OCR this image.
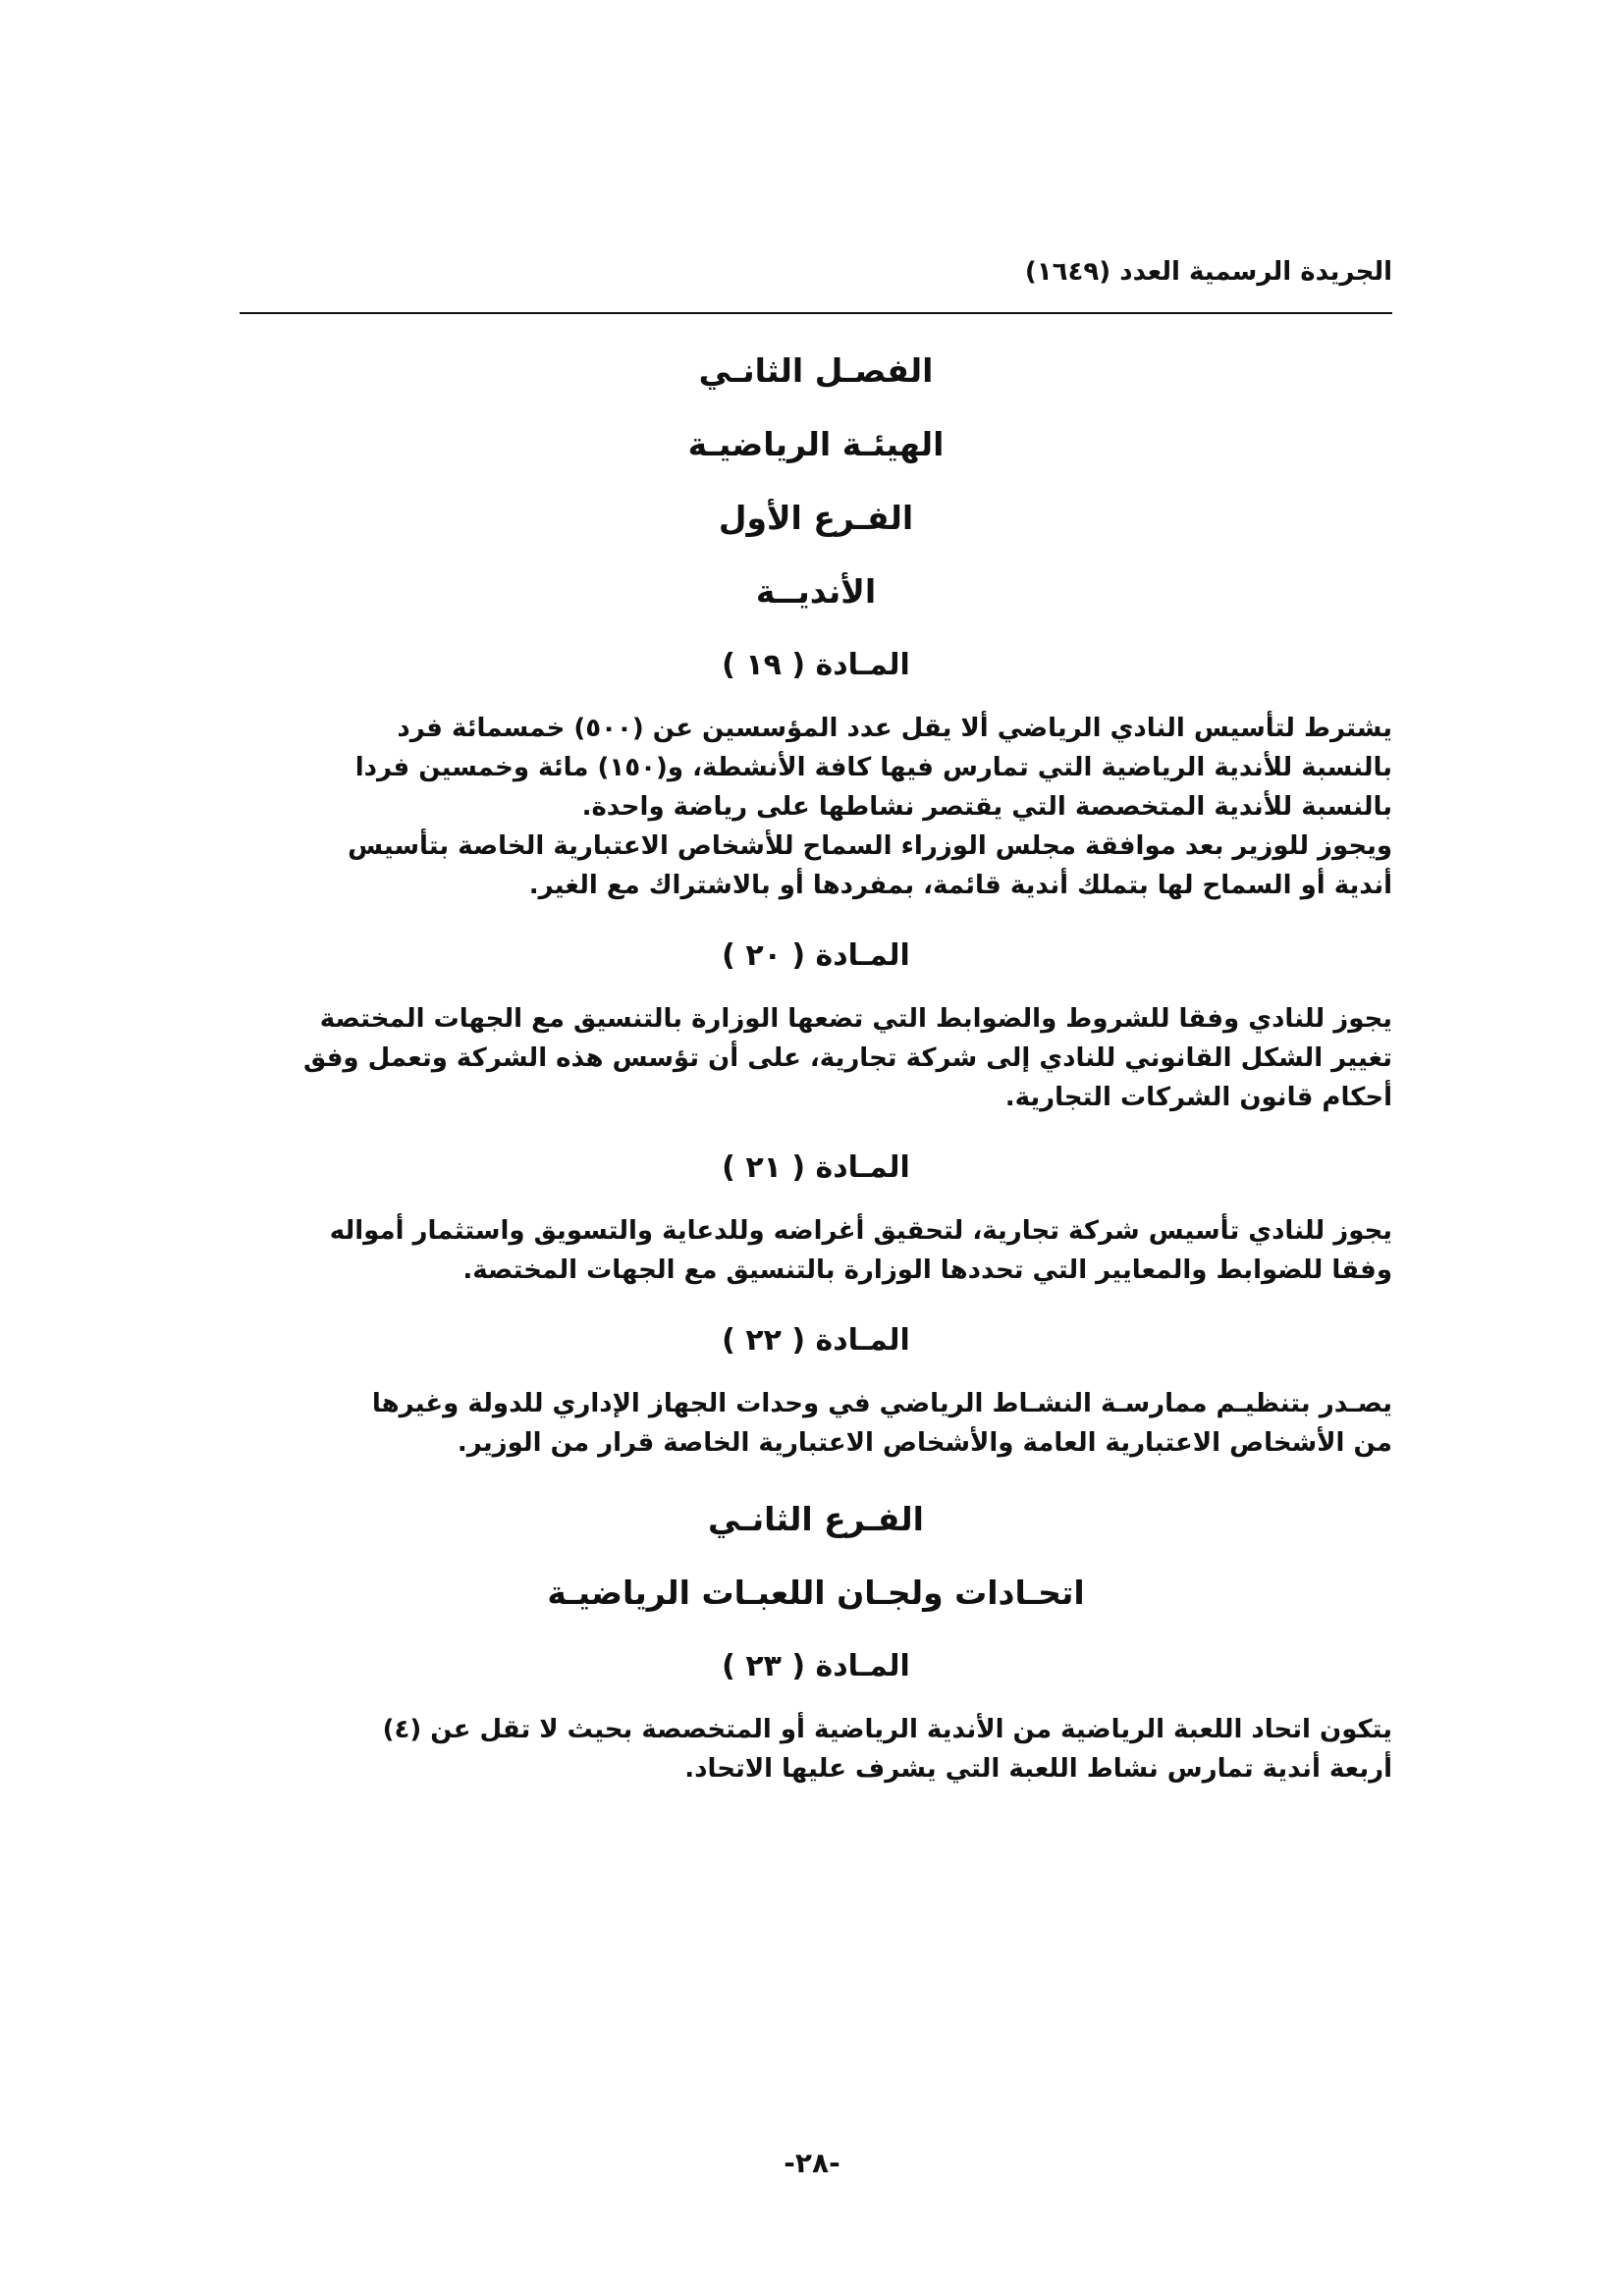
الجريدة الرسمية العدد (١٦٤٩)
الفصـل الثانـي
الهيئـة الرياضيـة
الفـرع الأول
الأنديــة
المـادة ( ١٩ )
يشترط لتأسيس النادي الرياضي ألا يقل عدد المؤسسين عن (٥٠٠) خمسمائة فرد
بالنسبة للأندية الرياضية التي تمارس فيها كافة الأنشطة، و(١٥٠) مائة وخمسين فردا
بالنسبة للأندية المتخصصة التي يقتصر نشاطها على رياضة واحدة.
ويجوز للوزير بعد موافقة مجلس الوزراء السماح للأشخاص الاعتبارية الخاصة بتأسيس
أندية أو السماح لها بتملك أندية قائمة، بمفردها أو بالاشتراك مع الغير.
المـادة ( ٢٠ )
يجوز للنادي وفقا للشروط والضوابط التي تضعها الوزارة بالتنسيق مع الجهات المختصة
تغيير الشكل القانوني للنادي إلى شركة تجارية، على أن تؤسس هذه الشركة وتعمل وفق
أحكام قانون الشركات التجارية.
المـادة ( ٢١ )
يجوز للنادي تأسيس شركة تجارية، لتحقيق أغراضه وللدعاية والتسويق واستثمار أمواله
وفقا للضوابط والمعايير التي تحددها الوزارة بالتنسيق مع الجهات المختصة.
المـادة ( ٢٢ )
يصـدر بتنظيـم ممارسـة النشـاط الرياضي في وحدات الجهاز الإداري للدولة وغيرها
من الأشخاص الاعتبارية العامة والأشخاص الاعتبارية الخاصة قرار من الوزير.
الفـرع الثانـي
اتحـادات ولجـان اللعبـات الرياضيـة
المـادة ( ٢٣ )
يتكون اتحاد اللعبة الرياضية من الأندية الرياضية أو المتخصصة بحيث لا تقل عن (٤)
أربعة أندية تمارس نشاط اللعبة التي يشرف عليها الاتحاد.
-٢٨-
